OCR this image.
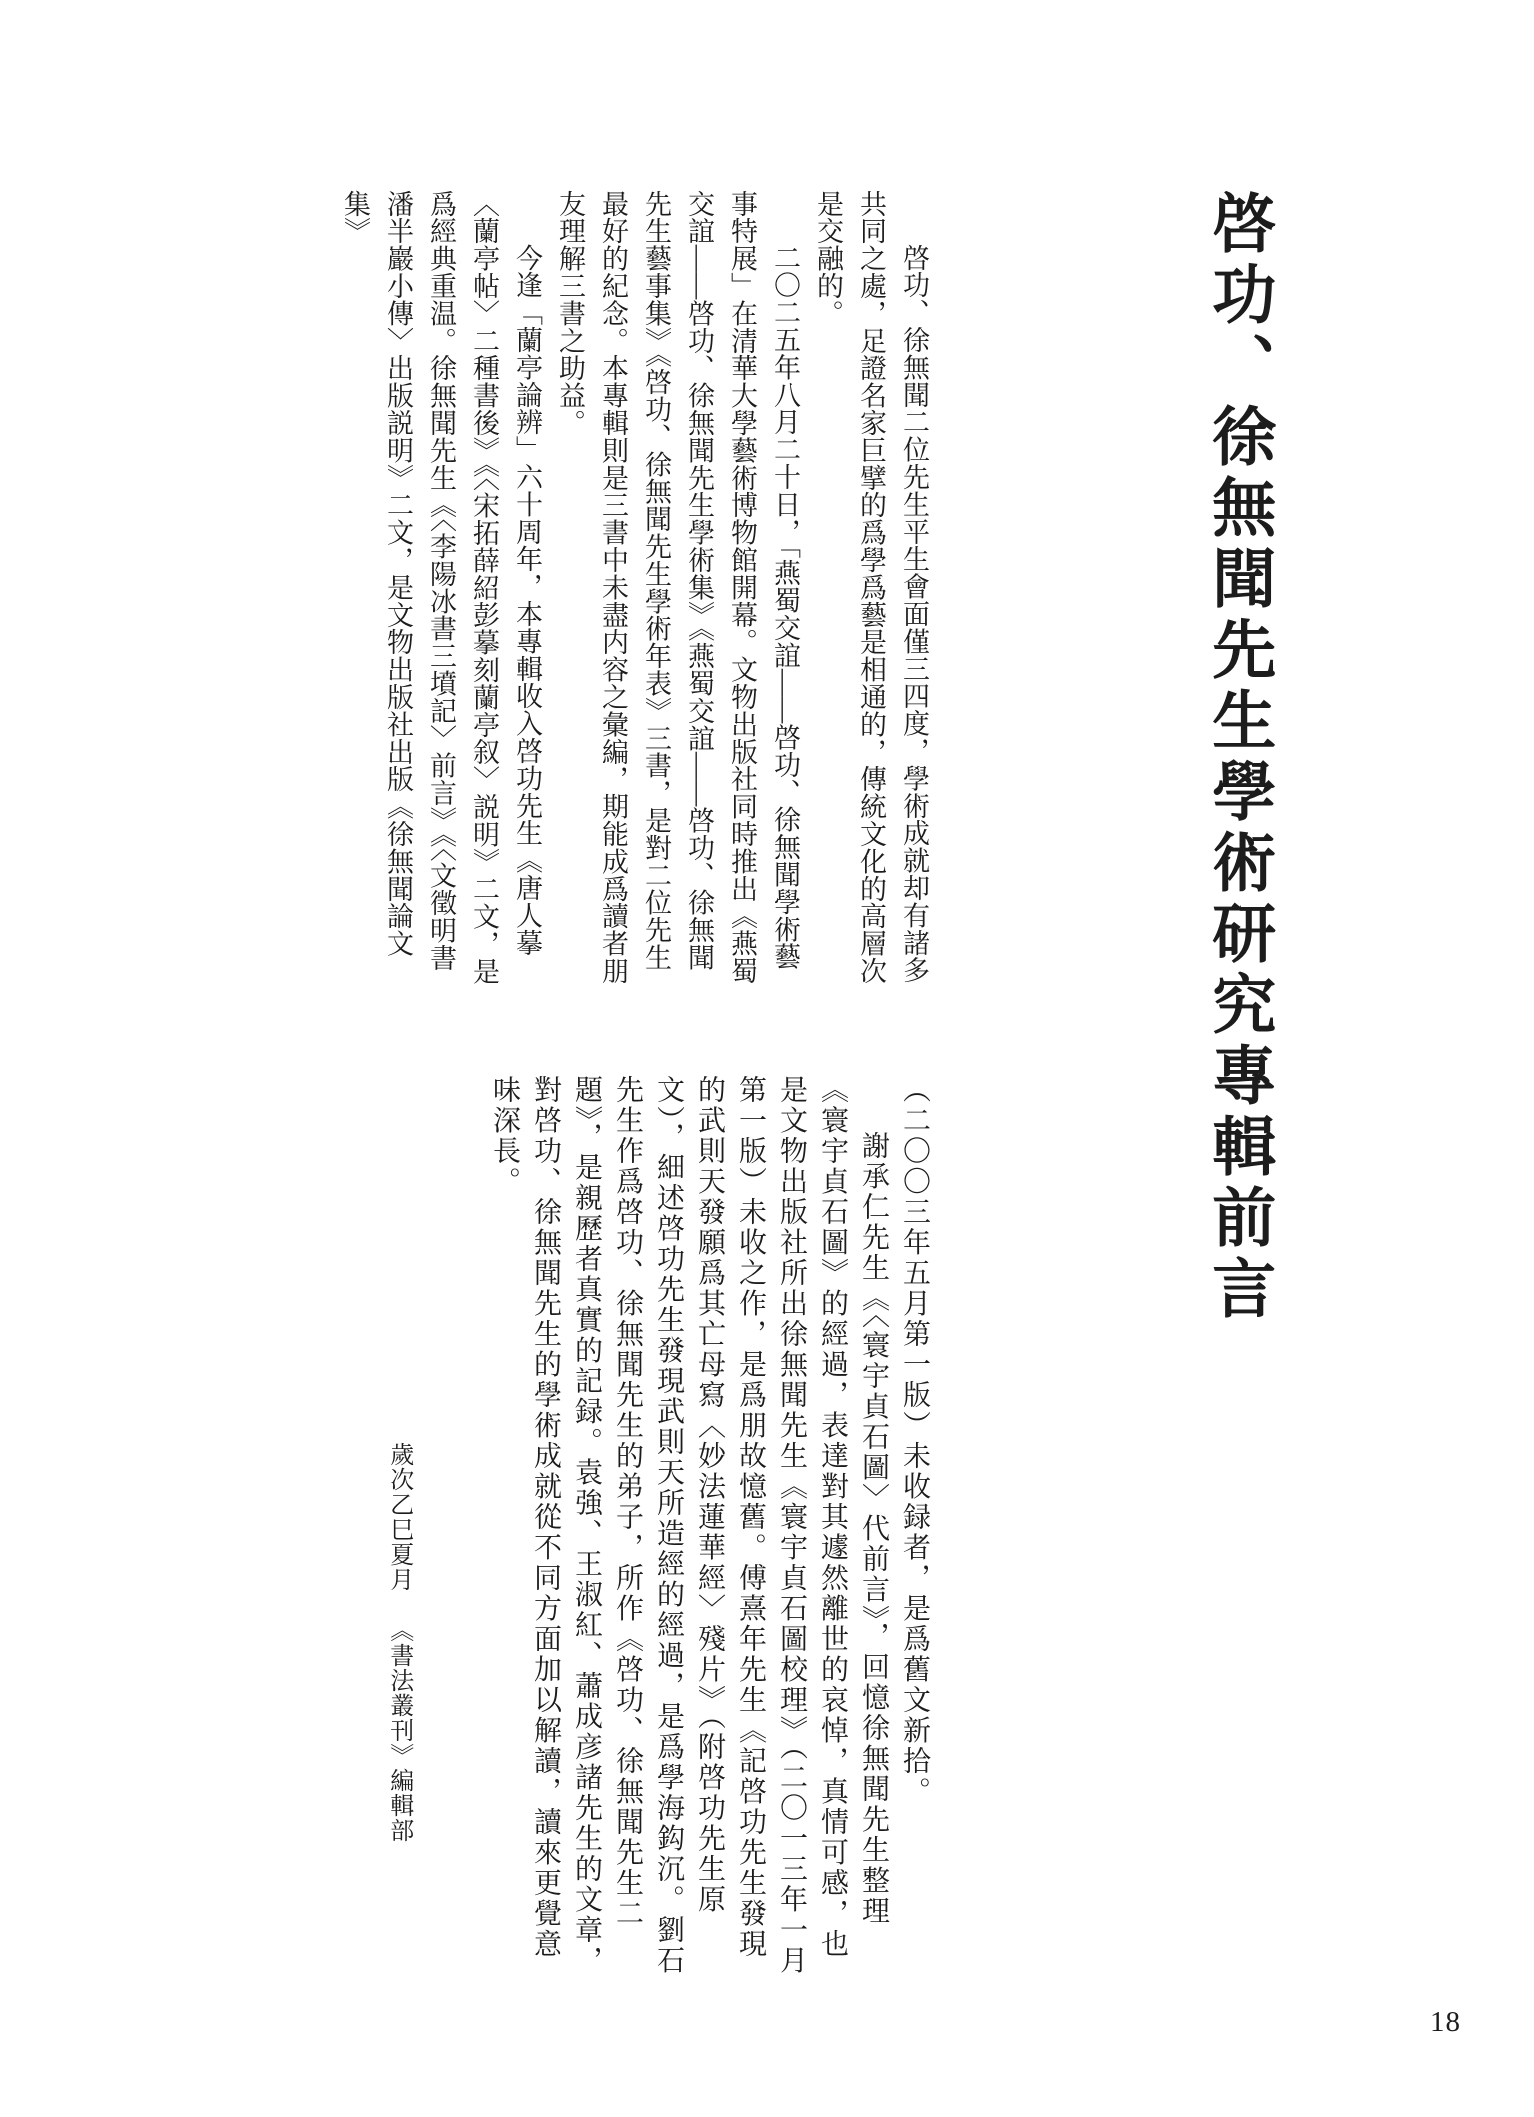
啓功、徐無聞先生學術研究專輯前言

啓功、徐無聞二位先生平生會面僅三四度，學術成就却有諸多共同之處，足證名家巨擘的爲學爲藝是相通的，傳統文化的高層次是交融的。

二〇二五年八月二十日，「燕蜀交誼——啓功、徐無聞學術藝事特展」在清華大學藝術博物館開幕。文物出版社同時推出《燕蜀交誼——啓功、徐無聞先生學術集》《燕蜀交誼——啓功、徐無聞先生藝事集》《啓功、徐無聞先生學術年表》三書，是對二位先生最好的紀念。本專輯則是三書中未盡内容之彙編，期能成爲讀者朋友理解三書之助益。

今逢「蘭亭論辨」六十周年，本專輯收入啓功先生《唐人摹〈蘭亭帖〉二種書後》《〈宋拓薛紹彭摹刻蘭亭叙〉説明》二文，是爲經典重温。徐無聞先生《〈李陽冰書三墳記〉前言》《〈文徵明書潘半巖小傳〉出版説明》二文，是文物出版社出版《徐無聞論文集》

（二〇〇三年五月第一版）未收録者，是爲舊文新拾。

謝承仁先生《〈寰宇貞石圖〉代前言》，回憶徐無聞先生整理《寰宇貞石圖》的經過，表達對其遽然離世的哀悼，真情可感，也是文物出版社所出徐無聞先生《寰宇貞石圖校理》（二〇一三年一月第一版）未收之作，是爲朋故憶舊。傅熹年先生《記啓功先生發現的武則天發願爲其亡母寫〈妙法蓮華經〉殘片》（附啓功先生原文），細述啓功先生發現武則天所造經的經過，是爲學海鈎沉。劉石先生作爲啓功、徐無聞先生的弟子，所作《啓功、徐無聞先生二題》，是親歷者真實的記録。袁強、王淑紅、蕭成彦諸先生的文章，對啓功、徐無聞先生的學術成就從不同方面加以解讀，讀來更覺意味深長。

歲次乙巳夏月《書法叢刊》編輯部
18
